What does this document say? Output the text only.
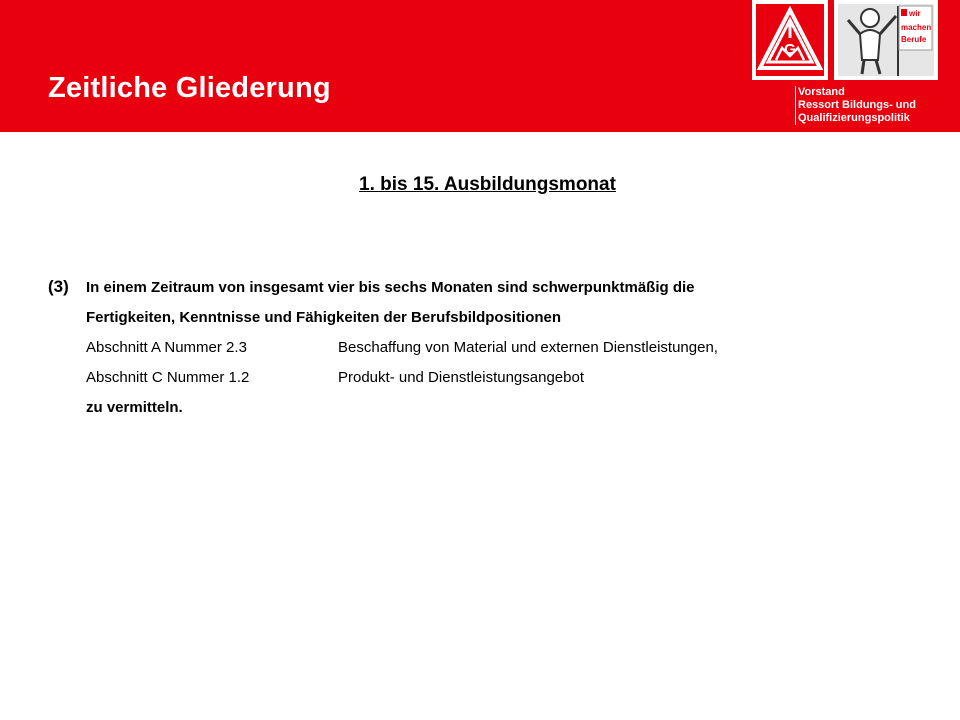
Zeitliche Gliederung
G
wir
machen
Berufe
Vorstand
Ressort Bildungs- und
Qualifizierungspolitik
1. bis 15. Ausbildungsmonat
(3) In einem Zeitraum von insgesamt vier bis sechs Monaten sind schwerpunktmäßig die
Fertigkeiten, Kenntnisse und Fähigkeiten der Berufsbildpositionen
Abschnitt A Nummer 2.3	Beschaffung von Material und externen Dienstleistungen,
Abschnitt C Nummer 1.2	Produkt- und Dienstleistungsangebot
zu vermitteln.
